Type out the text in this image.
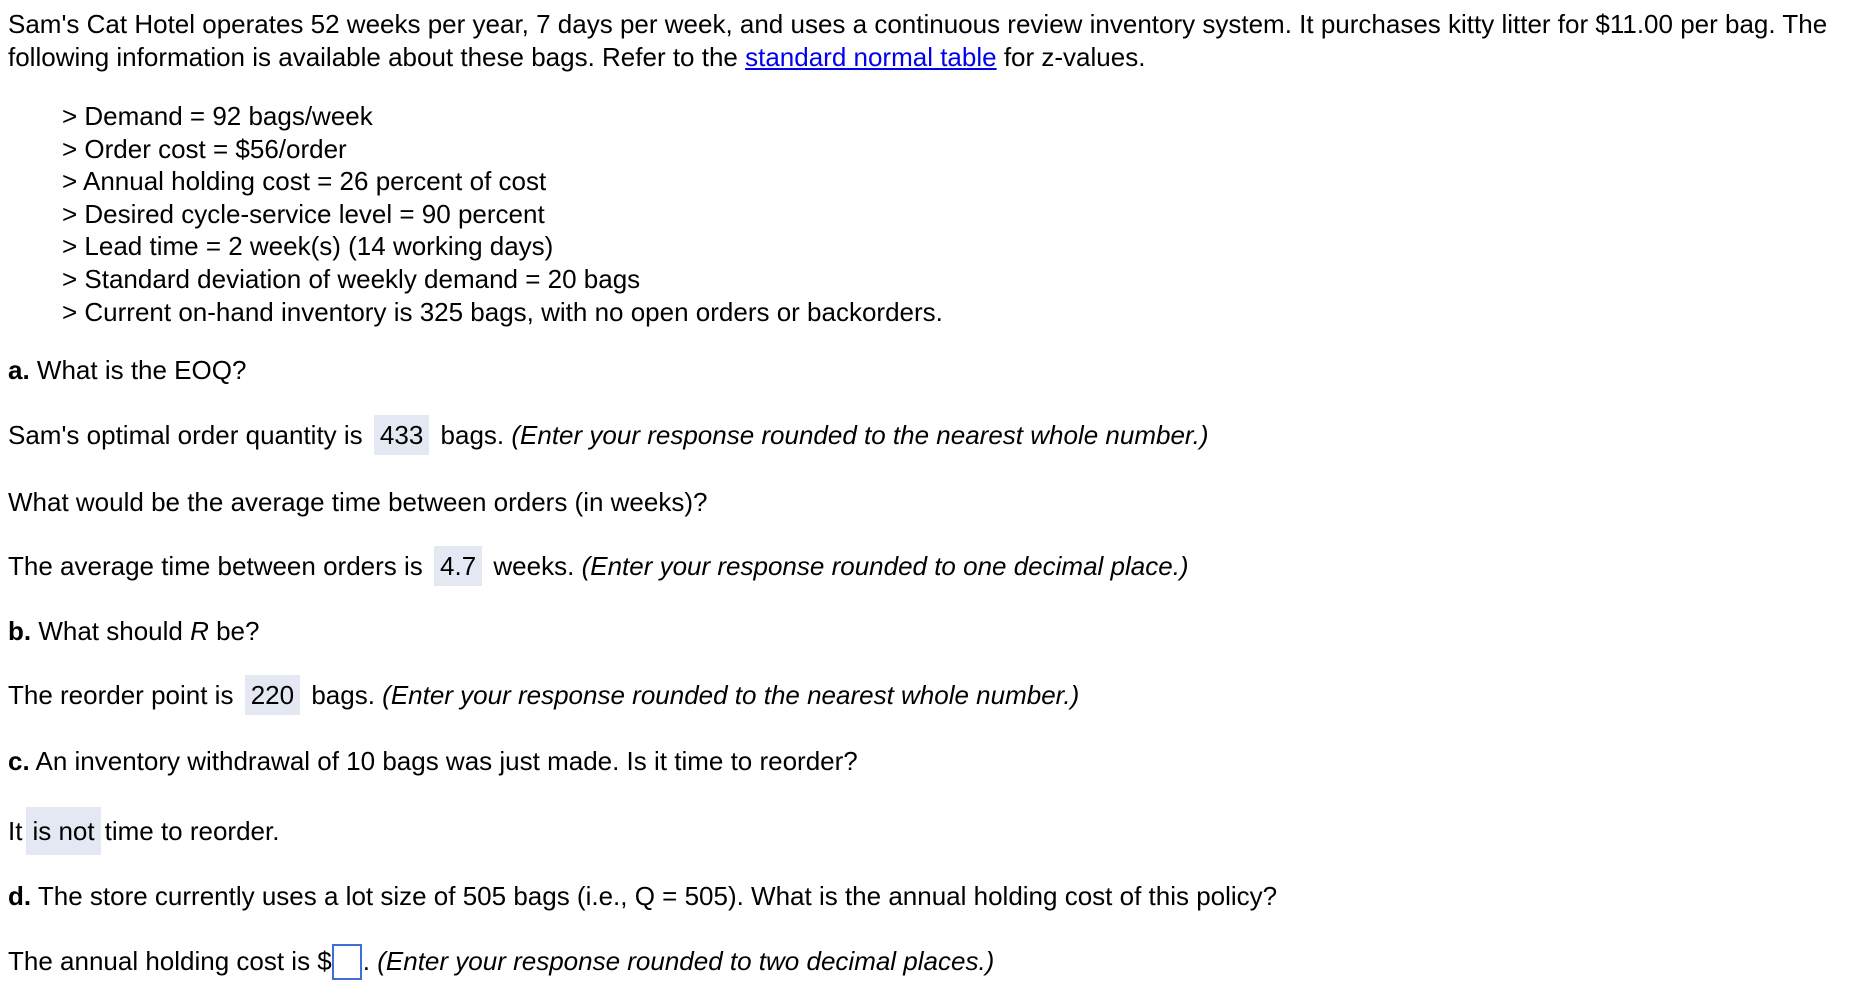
Sam's Cat Hotel operates 52 weeks per year, 7 days per week, and uses a continuous review inventory system. It purchases kitty litter for $11.00 per bag. The following information is available about these bags. Refer to the standard normal table for z-values.
> Demand = 92 bags/week
> Order cost = $56/order
> Annual holding cost = 26 percent of cost
> Desired cycle-service level = 90 percent
> Lead time = 2 week(s) (14 working days)
> Standard deviation of weekly demand = 20 bags
> Current on-hand inventory is 325 bags, with no open orders or backorders.
a. What is the EOQ?
Sam's optimal order quantity is 433 bags. (Enter your response rounded to the nearest whole number.)
What would be the average time between orders (in weeks)?
The average time between orders is 4.7 weeks. (Enter your response rounded to one decimal place.)
b. What should R be?
The reorder point is 220 bags. (Enter your response rounded to the nearest whole number.)
c. An inventory withdrawal of 10 bags was just made. Is it time to reorder?
It is not time to reorder.
d. The store currently uses a lot size of 505 bags (i.e., Q = 505). What is the annual holding cost of this policy?
The annual holding cost is $ . (Enter your response rounded to two decimal places.)
